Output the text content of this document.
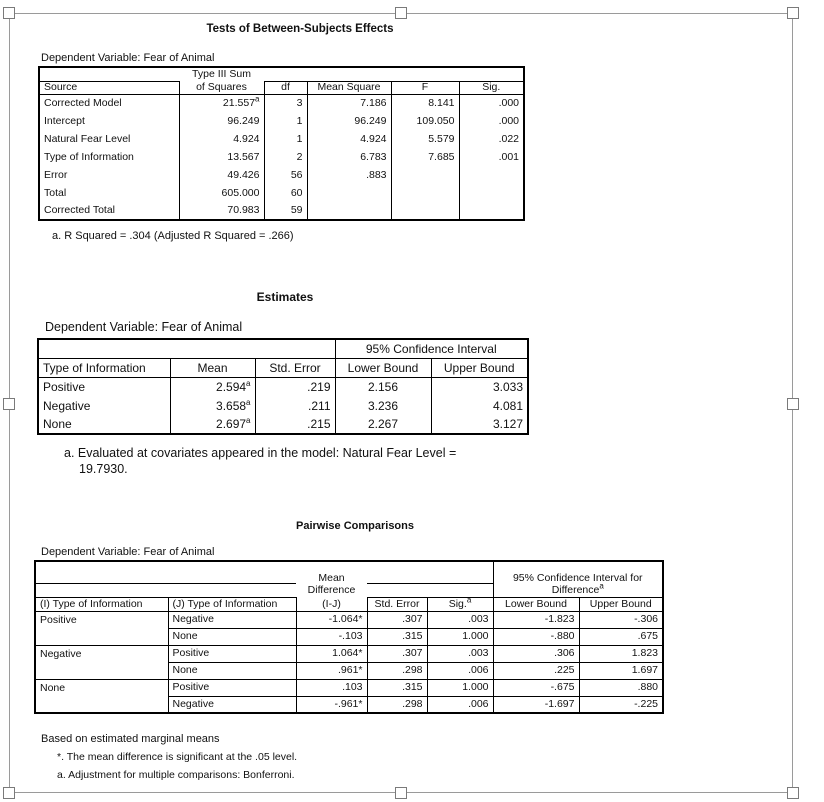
Tests of Between-Subjects Effects
Dependent Variable: Fear of Animal
	Type III Sum				
Source	of Squares	df	Mean Square	F	Sig.
Corrected Model	21.557$^a$	3	7.186	8.141	.000
Intercept	96.249	1	96.249	109.050	.000
Natural Fear Level	4.924	1	4.924	5.579	.022
Type of Information	13.567	2	6.783	7.685	.001
Error	49.426	56	.883		
Total	605.000	60			
Corrected Total	70.983	59			
a. R Squared = .304 (Adjusted R Squared = .266)
Estimates
Dependent Variable: Fear of Animal
			95% Confidence Interval	
Type of Information	Mean	Std. Error	Lower Bound	Upper Bound
Positive	2.594$^a$	.219	2.156	3.033
Negative	3.658$^a$	.211	3.236	4.081
None	2.697$^a$	.215	2.267	3.127
a. Evaluated at covariates appeared in the model: Natural Fear Level =
19.7930.
Pairwise Comparisons
Dependent Variable: Fear of Animal
		Mean			95% Confidence Interval for	
		Difference			Difference$^a$
(I) Type of Information	(J) Type of Information	(I-J)	Std. Error	Sig.$^a$	Lower Bound	Upper Bound
Positive	Negative	-1.064*	.307	.003	-1.823	-.306
	None	-.103	.315	1.000	-.880	.675
Negative	Positive	1.064*	.307	.003	.306	1.823
	None	.961*	.298	.006	.225	1.697
None	Positive	.103	.315	1.000	-.675	.880
	Negative	-.961*	.298	.006	-1.697	-.225
Based on estimated marginal means
*. The mean difference is significant at the .05 level.
a. Adjustment for multiple comparisons: Bonferroni.
